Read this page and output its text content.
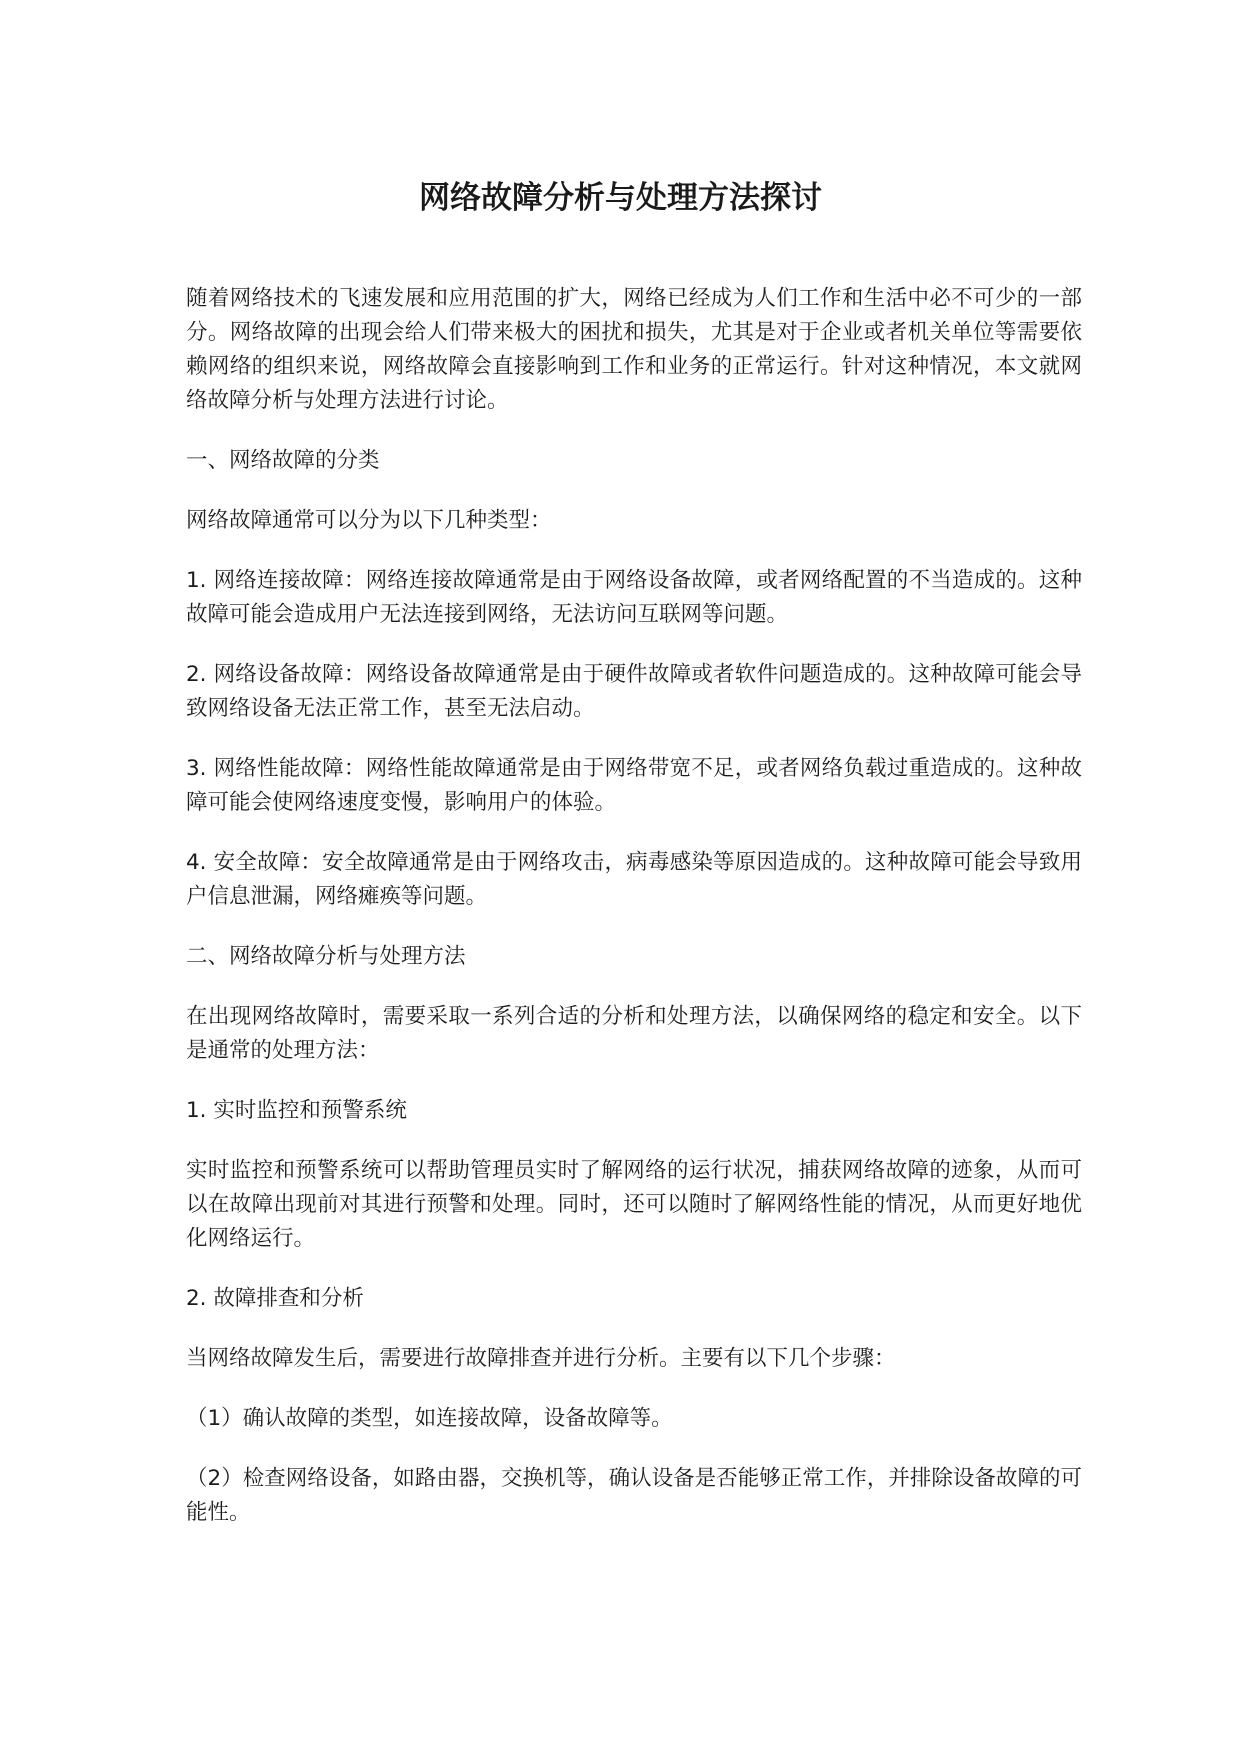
网络故障分析与处理方法探讨

随着网络技术的飞速发展和应用范围的扩大，网络已经成为人们工作和生活中必不可少的一部分。网络故障的出现会给人们带来极大的困扰和损失，尤其是对于企业或者机关单位等需要依赖网络的组织来说，网络故障会直接影响到工作和业务的正常运行。针对这种情况，本文就网络故障分析与处理方法进行讨论。

一、网络故障的分类

网络故障通常可以分为以下几种类型：

1. 网络连接故障：网络连接故障通常是由于网络设备故障，或者网络配置的不当造成的。这种故障可能会造成用户无法连接到网络，无法访问互联网等问题。

2. 网络设备故障：网络设备故障通常是由于硬件故障或者软件问题造成的。这种故障可能会导致网络设备无法正常工作，甚至无法启动。

3. 网络性能故障：网络性能故障通常是由于网络带宽不足，或者网络负载过重造成的。这种故障可能会使网络速度变慢，影响用户的体验。

4. 安全故障：安全故障通常是由于网络攻击，病毒感染等原因造成的。这种故障可能会导致用户信息泄漏，网络瘫痪等问题。

二、网络故障分析与处理方法

在出现网络故障时，需要采取一系列合适的分析和处理方法，以确保网络的稳定和安全。以下是通常的处理方法：

1. 实时监控和预警系统

实时监控和预警系统可以帮助管理员实时了解网络的运行状况，捕获网络故障的迹象，从而可以在故障出现前对其进行预警和处理。同时，还可以随时了解网络性能的情况，从而更好地优化网络运行。

2. 故障排查和分析

当网络故障发生后，需要进行故障排查并进行分析。主要有以下几个步骤：

（1）确认故障的类型，如连接故障，设备故障等。

（2）检查网络设备，如路由器，交换机等，确认设备是否能够正常工作，并排除设备故障的可能性。
